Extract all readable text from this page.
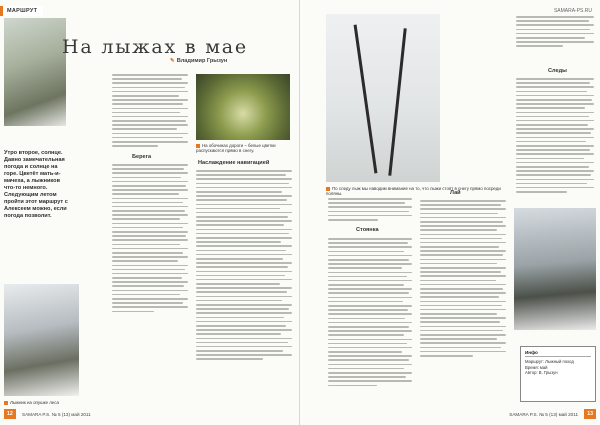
МАРШРУТ
На лыжах в мае
✎ Владимир Грызун
Утро второе, солнце. Давно замечательная погода и солнце на горе. Цветёт мать-и-мачеха, а лыжников что-то немного. Следующим летом пройти этот маршрут с Алексеем можно, если погода позволит.
Берега
На обочинах дороги – белые цветки распускаются прямо в снегу.
Наслаждение навигацией
Лыжник на опушке леса
12	SAMARA P.S. № 5 (13) май 2011
SAMARA-PS.RU
По следу лыж мы наводим внимание на то, что лыжи стоят в снегу прямо посреди поляны.
Следы
Стоянка
Лай
Инфо
Маршрут: Лыжный поход
Время: май
Автор: В. Грызун
SAMARA P.S. № 5 (13) май 2011	13
